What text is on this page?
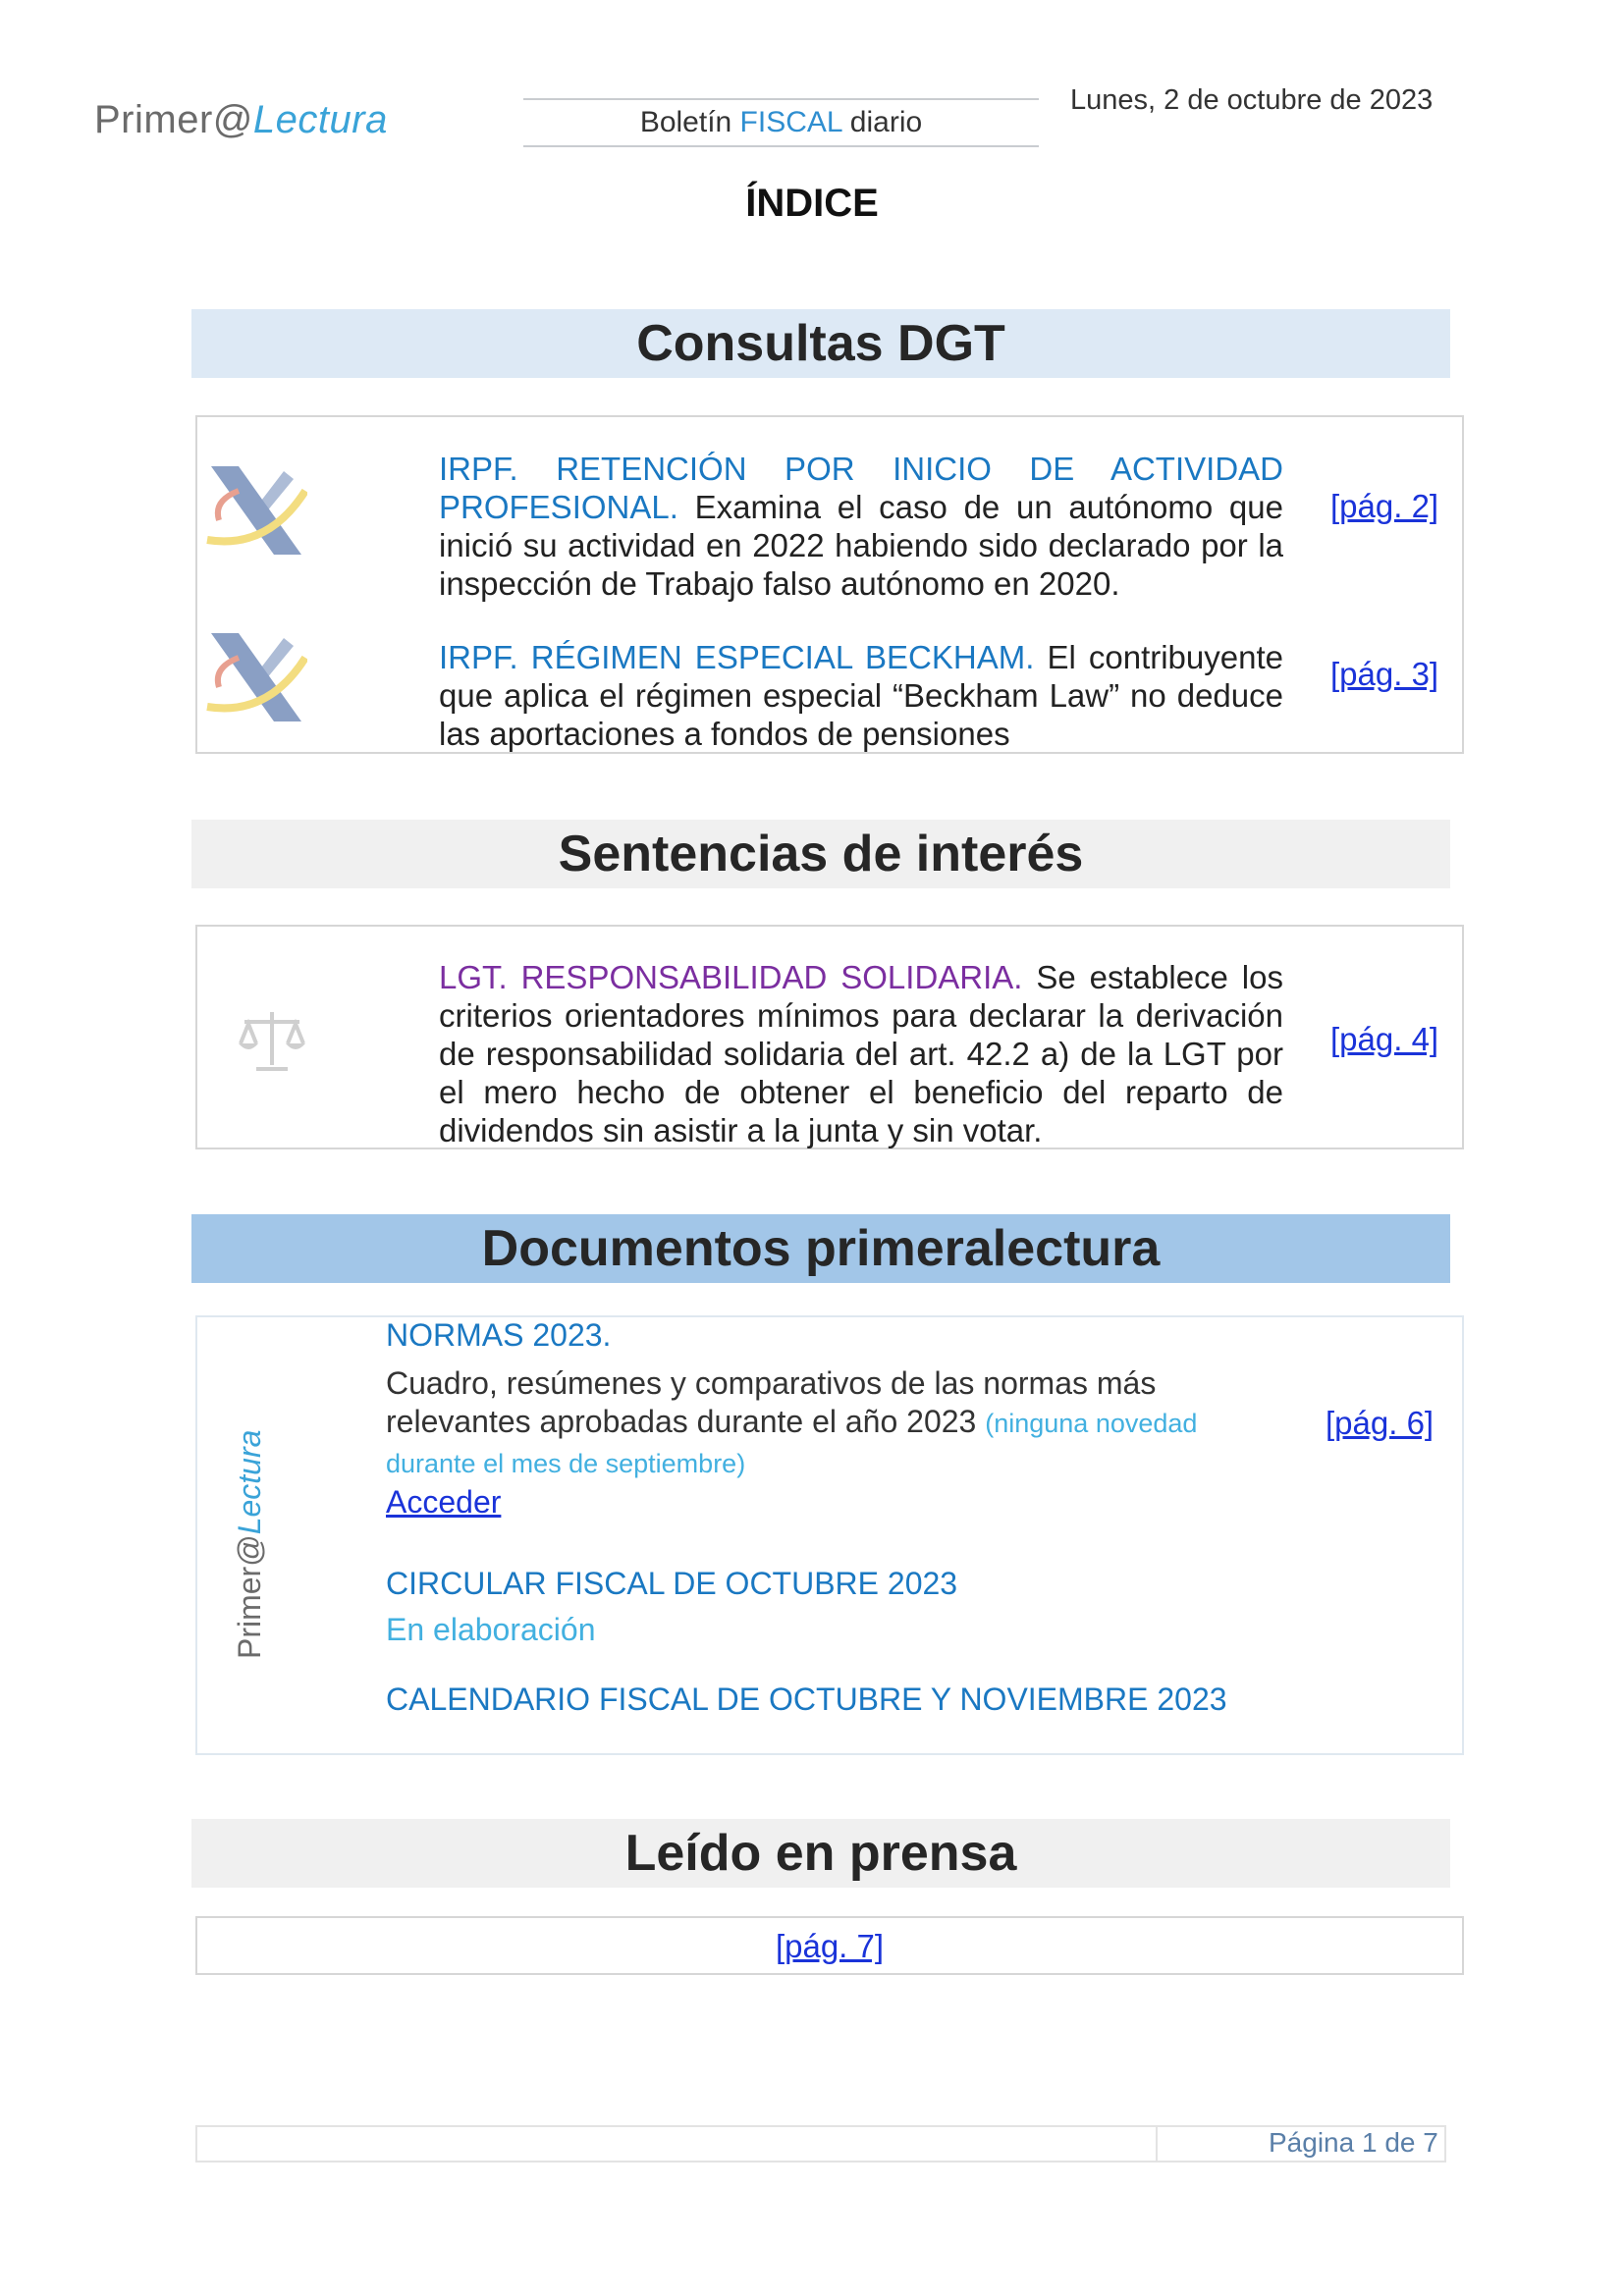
Primer@Lectura	Boletín FISCAL diario
Lunes, 2 de octubre de 2023
ÍNDICE
Consultas DGT
IRPF. RETENCIÓN POR INICIO DE ACTIVIDAD PROFESIONAL. Examina el caso de un autónomo que inició su actividad en 2022 habiendo sido declarado por la inspección de Trabajo falso autónomo en 2020.
[pág. 2]
IRPF. RÉGIMEN ESPECIAL BECKHAM. El contribuyente que aplica el régimen especial “Beckham Law” no deduce las aportaciones a fondos de pensiones
[pág. 3]
Sentencias de interés
LGT. RESPONSABILIDAD SOLIDARIA. Se establece los criterios orientadores mínimos para declarar la derivación de responsabilidad solidaria del art. 42.2 a) de la LGT por el mero hecho de obtener el beneficio del reparto de dividendos sin asistir a la junta y sin votar.
[pág. 4]
Documentos primeralectura
Primer@Lectura
NORMAS 2023.
Cuadro, resúmenes y comparativos de las normas más relevantes aprobadas durante el año 2023 (ninguna novedad durante el mes de septiembre)
Acceder
[pág. 6]
CIRCULAR FISCAL DE OCTUBRE 2023
En elaboración
CALENDARIO FISCAL DE OCTUBRE Y NOVIEMBRE 2023
Leído en prensa
[pág. 7]
Página 1 de 7
